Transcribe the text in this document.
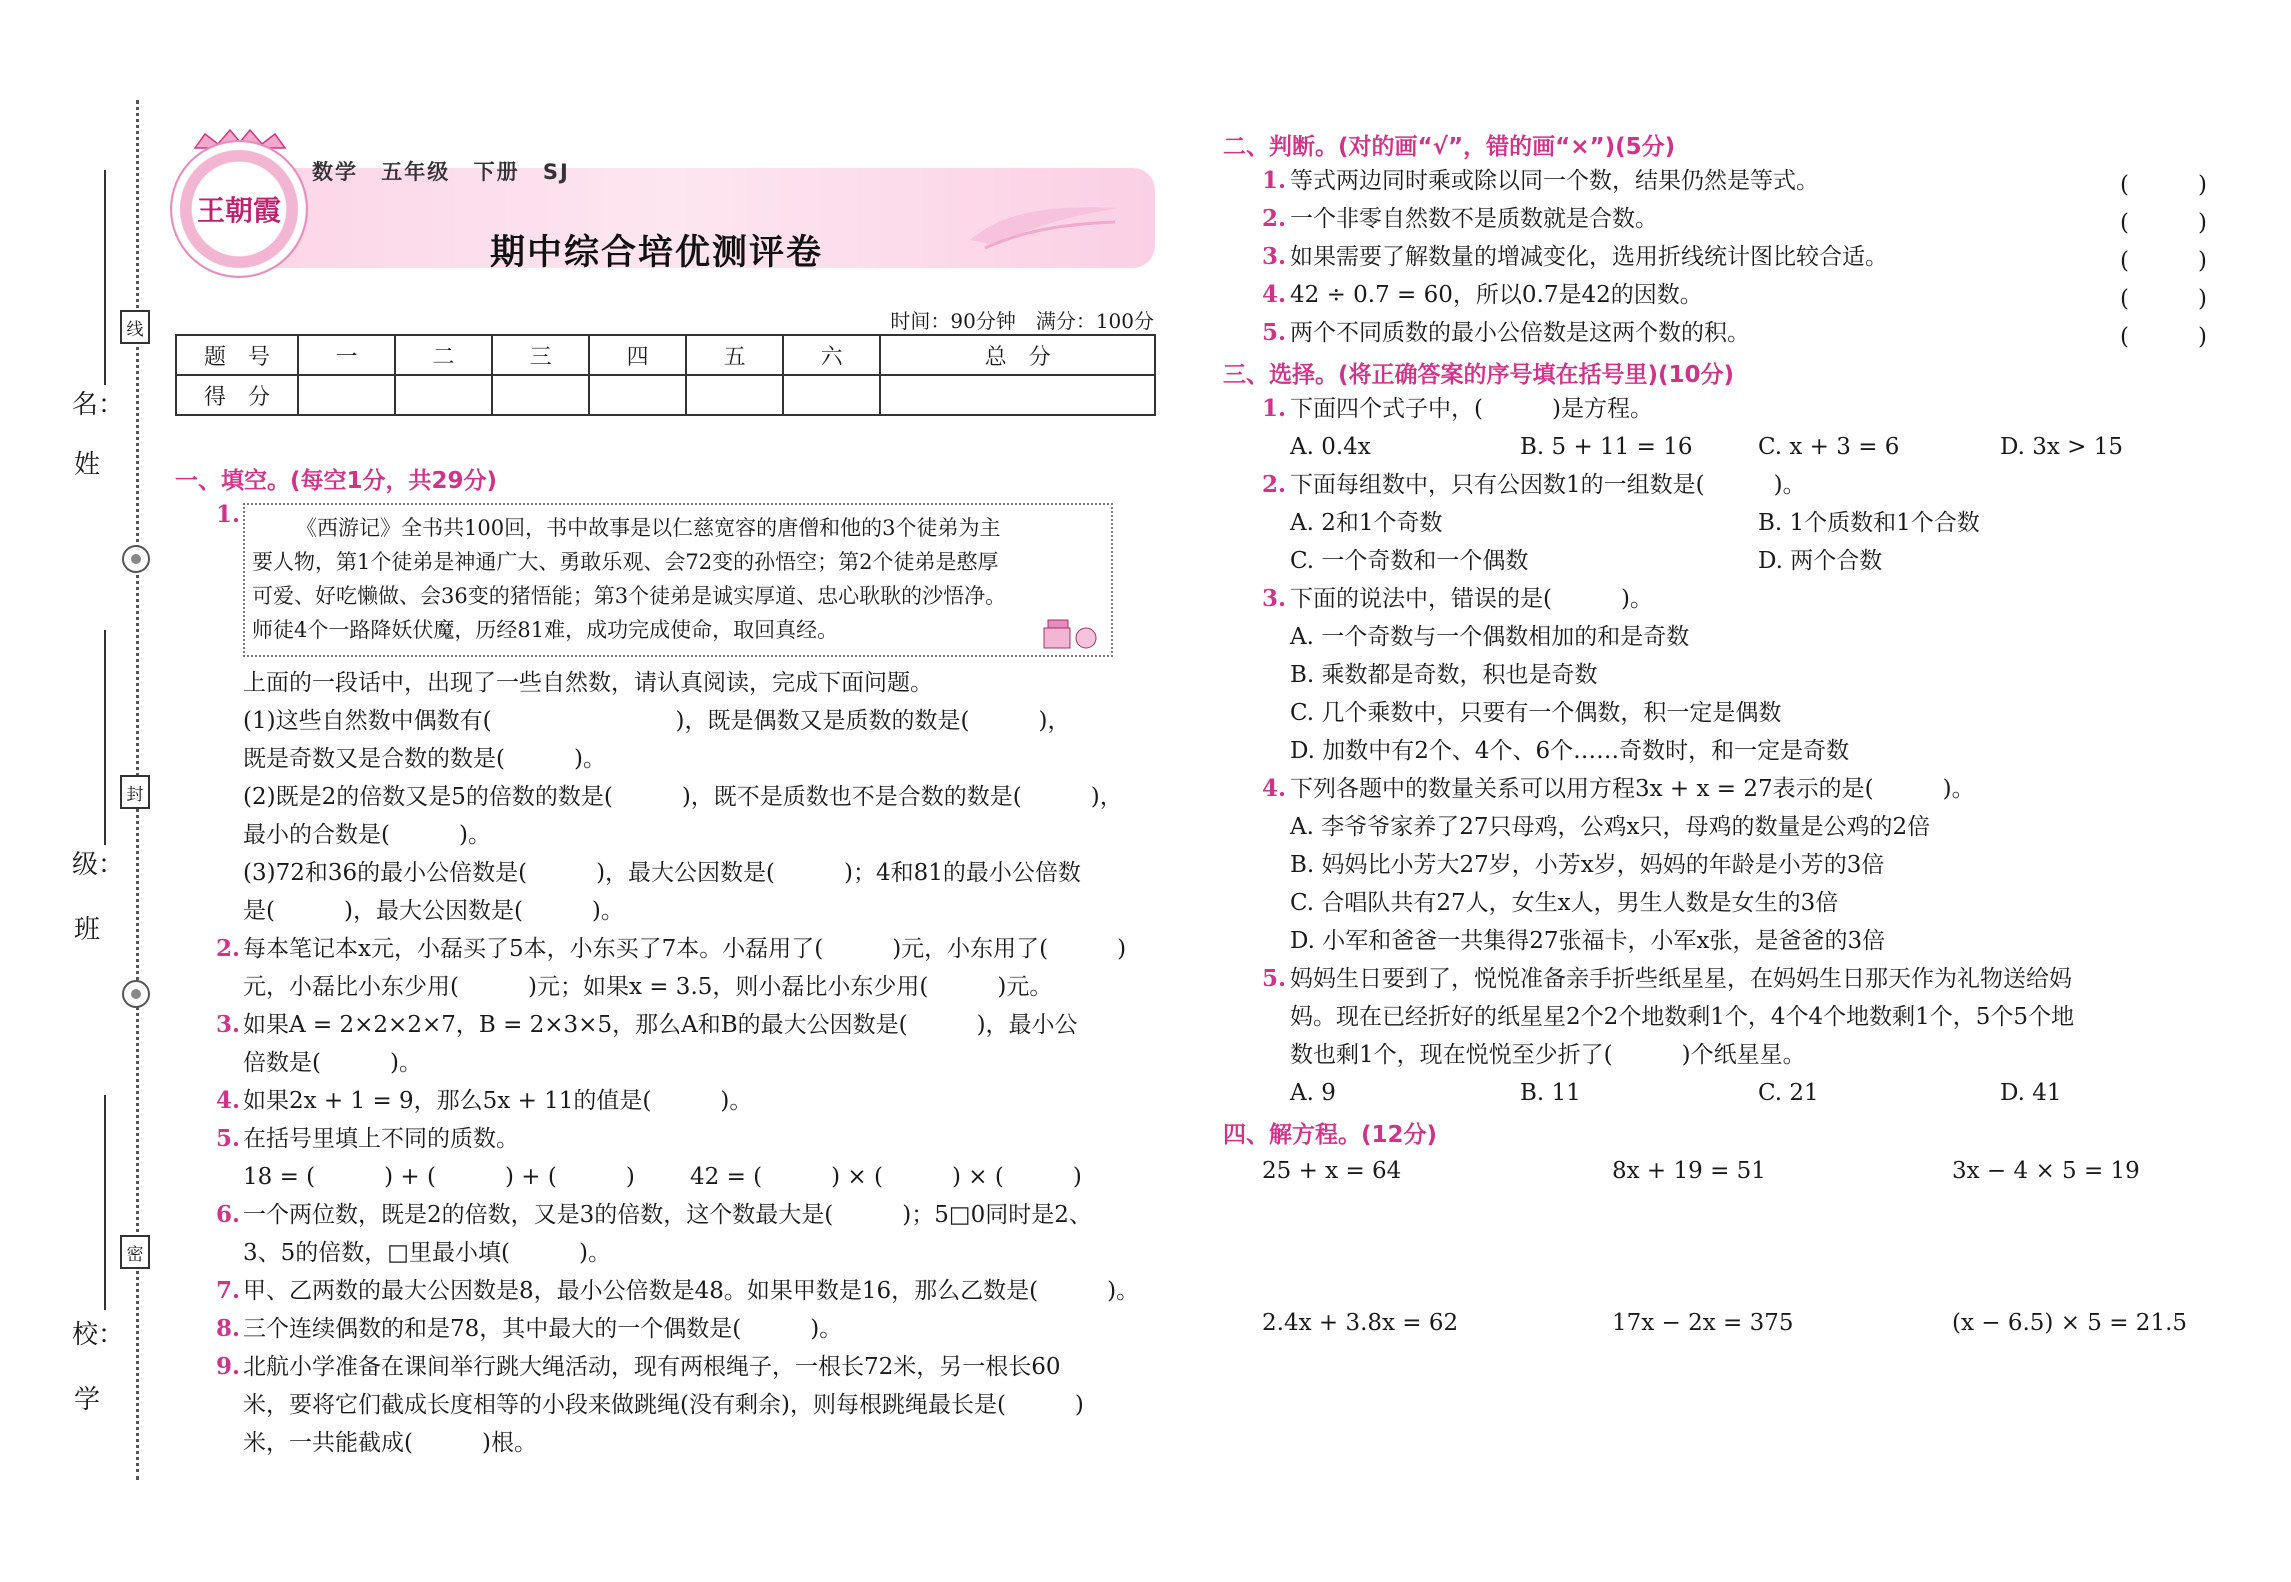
姓
名：
班
级：
学
校：
线
封
密
王朝霞
数学 五年级 下册 SJ
期中综合培优测评卷
时间：90分钟　满分：100分
题　号	一	二	三	四	五	六	总　分
得　分							
一、填空。(每空1分，共29分)
1.	《西游记》全书共100回，书中故事是以仁慈宽容的唐僧和他的3个徒弟为主
要人物，第1个徒弟是神通广大、勇敢乐观、会72变的孙悟空；第2个徒弟是憨厚
可爱、好吃懒做、会36变的猪悟能；第3个徒弟是诚实厚道、忠心耿耿的沙悟净。
师徒4个一路降妖伏魔，历经81难，成功完成使命，取回真经。
上面的一段话中，出现了一些自然数，请认真阅读，完成下面问题。
(1)这些自然数中偶数有(　　　　　　　　)，既是偶数又是质数的数是(　　　)，
既是奇数又是合数的数是(　　　)。
(2)既是2的倍数又是5的倍数的数是(　　　)，既不是质数也不是合数的数是(　　　)，
最小的合数是(　　　)。
(3)72和36的最小公倍数是(　　　)，最大公因数是(　　　)；4和81的最小公倍数
是(　　　)，最大公因数是(　　　)。
2. 每本笔记本x元，小磊买了5本，小东买了7本。小磊用了(　　　)元，小东用了(　　　)
元，小磊比小东少用(　　　)元；如果x = 3.5，则小磊比小东少用(　　　)元。
3. 如果A = 2×2×2×7，B = 2×3×5，那么A和B的最大公因数是(　　　)，最小公
倍数是(　　　)。
4. 如果2x + 1 = 9，那么5x + 11的值是(　　　)。
5. 在括号里填上不同的质数。
18 = (　　　) + (　　　) + (　　　) 42 = (　　　) × (　　　) × (　　　)
6. 一个两位数，既是2的倍数，又是3的倍数，这个数最大是(　　　)；5□0同时是2、
3、5的倍数，□里最小填(　　　)。
7. 甲、乙两数的最大公因数是8，最小公倍数是48。如果甲数是16，那么乙数是(　　　)。
8. 三个连续偶数的和是78，其中最大的一个偶数是(　　　)。
9. 北航小学准备在课间举行跳大绳活动，现有两根绳子，一根长72米，另一根长60
米，要将它们截成长度相等的小段来做跳绳(没有剩余)，则每根跳绳最长是(　　　)
米，一共能截成(　　　)根。
二、判断。(对的画“√”，错的画“×”)(5分)
1. 等式两边同时乘或除以同一个数，结果仍然是等式。	(　　　)
2. 一个非零自然数不是质数就是合数。	(　　　)
3. 如果需要了解数量的增减变化，选用折线统计图比较合适。	(　　　)
4. 42 ÷ 0.7 = 60，所以0.7是42的因数。	(　　　)
5. 两个不同质数的最小公倍数是这两个数的积。	(　　　)
三、选择。(将正确答案的序号填在括号里)(10分)
1. 下面四个式子中，(　　　)是方程。
A. 0.4x	B. 5 + 11 = 16	C. x + 3 = 6	D. 3x > 15
2. 下面每组数中，只有公因数1的一组数是(　　　)。
A. 2和1个奇数	B. 1个质数和1个合数
C. 一个奇数和一个偶数	D. 两个合数
3. 下面的说法中，错误的是(　　　)。
A. 一个奇数与一个偶数相加的和是奇数
B. 乘数都是奇数，积也是奇数
C. 几个乘数中，只要有一个偶数，积一定是偶数
D. 加数中有2个、4个、6个……奇数时，和一定是奇数
4. 下列各题中的数量关系可以用方程3x + x = 27表示的是(　　　)。
A. 李爷爷家养了27只母鸡，公鸡x只，母鸡的数量是公鸡的2倍
B. 妈妈比小芳大27岁，小芳x岁，妈妈的年龄是小芳的3倍
C. 合唱队共有27人，女生x人，男生人数是女生的3倍
D. 小军和爸爸一共集得27张福卡，小军x张，是爸爸的3倍
5. 妈妈生日要到了，悦悦准备亲手折些纸星星，在妈妈生日那天作为礼物送给妈
妈。现在已经折好的纸星星2个2个地数剩1个，4个4个地数剩1个，5个5个地
数也剩1个，现在悦悦至少折了(　　　)个纸星星。
A. 9	B. 11	C. 21	D. 41
四、解方程。(12分)
25 + x = 64	8x + 19 = 51	3x − 4 × 5 = 19
2.4x + 3.8x = 62	17x − 2x = 375	(x − 6.5) × 5 = 21.5
